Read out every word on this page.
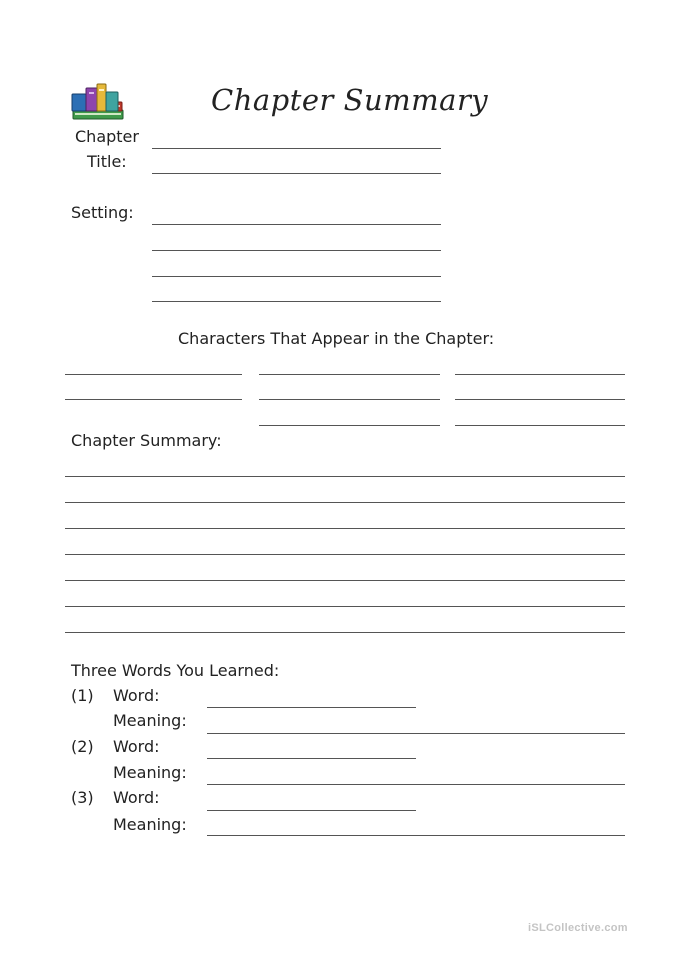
Chapter Summary
Chapter
Title:
Setting:
Characters That Appear in the Chapter:
Chapter Summary:
Three Words You Learned:
(1) Word:
Meaning:
(2) Word:
Meaning:
(3) Word:
Meaning:
iSLCollective.com
